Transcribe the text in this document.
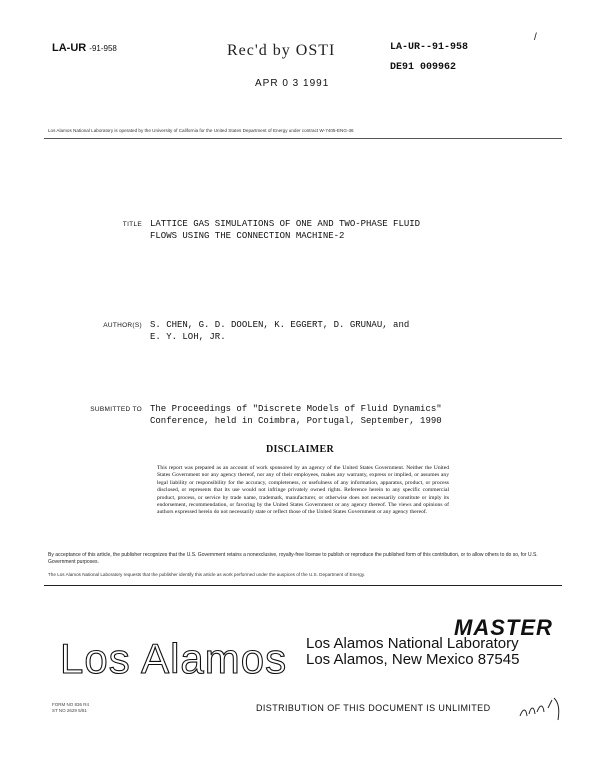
LA-UR -91-958	Rec'd by OSTI
APR 0 3 1991
LA-UR--91-958
DE91 009962
/
Los Alamos National Laboratory is operated by the University of California for the United States Department of Energy under contract W-7405-ENG-36
TITLE LATTICE GAS SIMULATIONS OF ONE AND TWO-PHASE FLUID
FLOWS USING THE CONNECTION MACHINE-2
AUTHOR(S) S. CHEN, G. D. DOOLEN, K. EGGERT, D. GRUNAU, and
E. Y. LOH, JR.
SUBMITTED TO The Proceedings of "Discrete Models of Fluid Dynamics"
Conference, held in Coimbra, Portugal, September, 1990
DISCLAIMER
This report was prepared as an account of work sponsored by an agency of the United States Government. Neither the United States Government nor any agency thereof, nor any of their employees, makes any warranty, express or implied, or assumes any legal liability or responsibility for the accuracy, completeness, or usefulness of any information, apparatus, product, or process disclosed, or represents that its use would not infringe privately owned rights. Reference herein to any specific commercial product, process, or service by trade name, trademark, manufacturer, or otherwise does not necessarily constitute or imply its endorsement, recommendation, or favoring by the United States Government or any agency thereof. The views and opinions of authors expressed herein do not necessarily state or reflect those of the United States Government or any agency thereof.
By acceptance of this article, the publisher recognizes that the U.S. Government retains a nonexclusive, royalty-free license to publish or reproduce the published form of this contribution, or to allow others to do so, for U.S. Government purposes.
The Los Alamos National Laboratory requests that the publisher identify this article as work performed under the auspices of the U.S. Department of Energy.
MASTER
Los Alamos Los Alamos National Laboratory
Los Alamos, New Mexico 87545
FORM NO 836 R4
ST NO 2629 5/81	DISTRIBUTION OF THIS DOCUMENT IS UNLIMITED
